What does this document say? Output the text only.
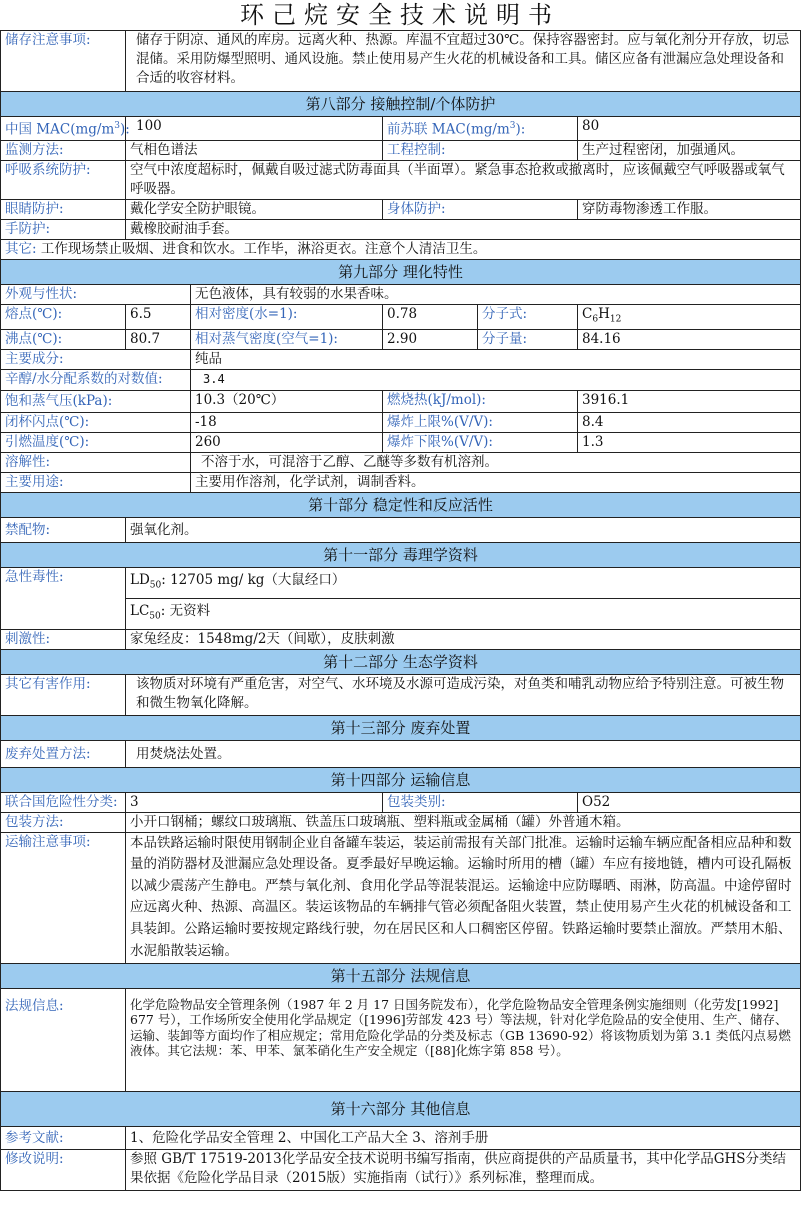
环己烷安全技术说明书
储存注意事项:	储存于阴凉、通风的库房。远离火种、热源。库温不宜超过30℃。保持容器密封。应与氧化剂分开存放，切忌混储。采用防爆型照明、通风设施。禁止使用易产生火花的机械设备和工具。储区应备有泄漏应急处理设备和合适的收容材料。				
第八部分 接触控制/个体防护					
中国 $MAC(mg/m^3)$:	100		前苏联 $MAC(mg/m^3)$:		80
监测方法:	气相色谱法		工程控制:		生产过程密闭，加强通风。
呼吸系统防护:	空气中浓度超标时，佩戴自吸过滤式防毒面具（半面罩）。紧急事态抢救或撤离时，应该佩戴空气呼吸器或氧气呼吸器。				
眼睛防护:	戴化学安全防护眼镜。		身体防护:		穿防毒物渗透工作服。
手防护:	戴橡胶耐油手套。				
其它: 工作现场禁止吸烟、进食和饮水。工作毕，淋浴更衣。注意个人清洁卫生。					
第九部分 理化特性					
外观与性状:		无色液体，具有较弱的水果香味。			
熔点(℃):	6.5	相对密度(水=1):	0.78	分子式:	$C_6H_{12}$
沸点(℃):	80.7	相对蒸气密度(空气=1):	2.90	分子量:	84.16
主要成分:		纯品			
辛醇/水分配系数的对数值:		3.4			
饱和蒸气压(kPa):		10.3（20℃）	燃烧热(kJ/mol):		3916.1
闭杯闪点(℃):		-18	爆炸上限%(V/V):		8.4
引燃温度(℃):		260	爆炸下限%(V/V):		1.3
溶解性:		不溶于水，可混溶于乙醇、乙醚等多数有机溶剂。			
主要用途:		主要用作溶剂，化学试剂，调制香料。			
第十部分 稳定性和反应活性					
禁配物:	强氧化剂。				
第十一部分 毒理学资料					
急性毒性:	$LD_{50}$: 12705 mg/ kg（大鼠经口）				
	$LC_{50}$: 无资料				
刺激性:	家兔经皮：1548mg/2天（间歇），皮肤刺激				
第十二部分 生态学资料					
其它有害作用:	该物质对环境有严重危害，对空气、水环境及水源可造成污染，对鱼类和哺乳动物应给予特别注意。可被生物和微生物氧化降解。				
第十三部分 废弃处置					
废弃处置方法:	用焚烧法处置。				
第十四部分 运输信息					
联合国危险性分类:	3		包装类别:		O52
包装方法:	小开口钢桶；螺纹口玻璃瓶、铁盖压口玻璃瓶、塑料瓶或金属桶（罐）外普通木箱。				
运输注意事项:	本品铁路运输时限使用钢制企业自备罐车装运，装运前需报有关部门批准。运输时运输车辆应配备相应品种和数量的消防器材及泄漏应急处理设备。夏季最好早晚运输。运输时所用的槽（罐）车应有接地链，槽内可设孔隔板以减少震荡产生静电。严禁与氧化剂、食用化学品等混装混运。运输途中应防曝晒、雨淋，防高温。中途停留时应远离火种、热源、高温区。装运该物品的车辆排气管必须配备阻火装置，禁止使用易产生火花的机械设备和工具装卸。公路运输时要按规定路线行驶，勿在居民区和人口稠密区停留。铁路运输时要禁止溜放。严禁用木船、水泥船散装运输。				
第十五部分 法规信息					
法规信息:	化学危险物品安全管理条例（1987 年 2 月 17 日国务院发布），化学危险物品安全管理条例实施细则（化劳发[1992] 677 号），工作场所安全使用化学品规定（[1996]劳部发 423 号）等法规，针对化学危险品的安全使用、生产、储存、运输、装卸等方面均作了相应规定；常用危险化学品的分类及标志（GB 13690-92）将该物质划为第 3.1 类低闪点易燃液体。其它法规：苯、甲苯、氯苯硝化生产安全规定（[88]化炼字第 858 号）。				
第十六部分 其他信息					
参考文献:	1、危险化学品安全管理 2、中国化工产品大全 3、溶剂手册				
修改说明:	参照 GB/T 17519-2013化学品安全技术说明书编写指南，供应商提供的产品质量书，其中化学品GHS分类结果依据《危险化学品目录（2015版）实施指南（试行）》系列标准，整理而成。				
